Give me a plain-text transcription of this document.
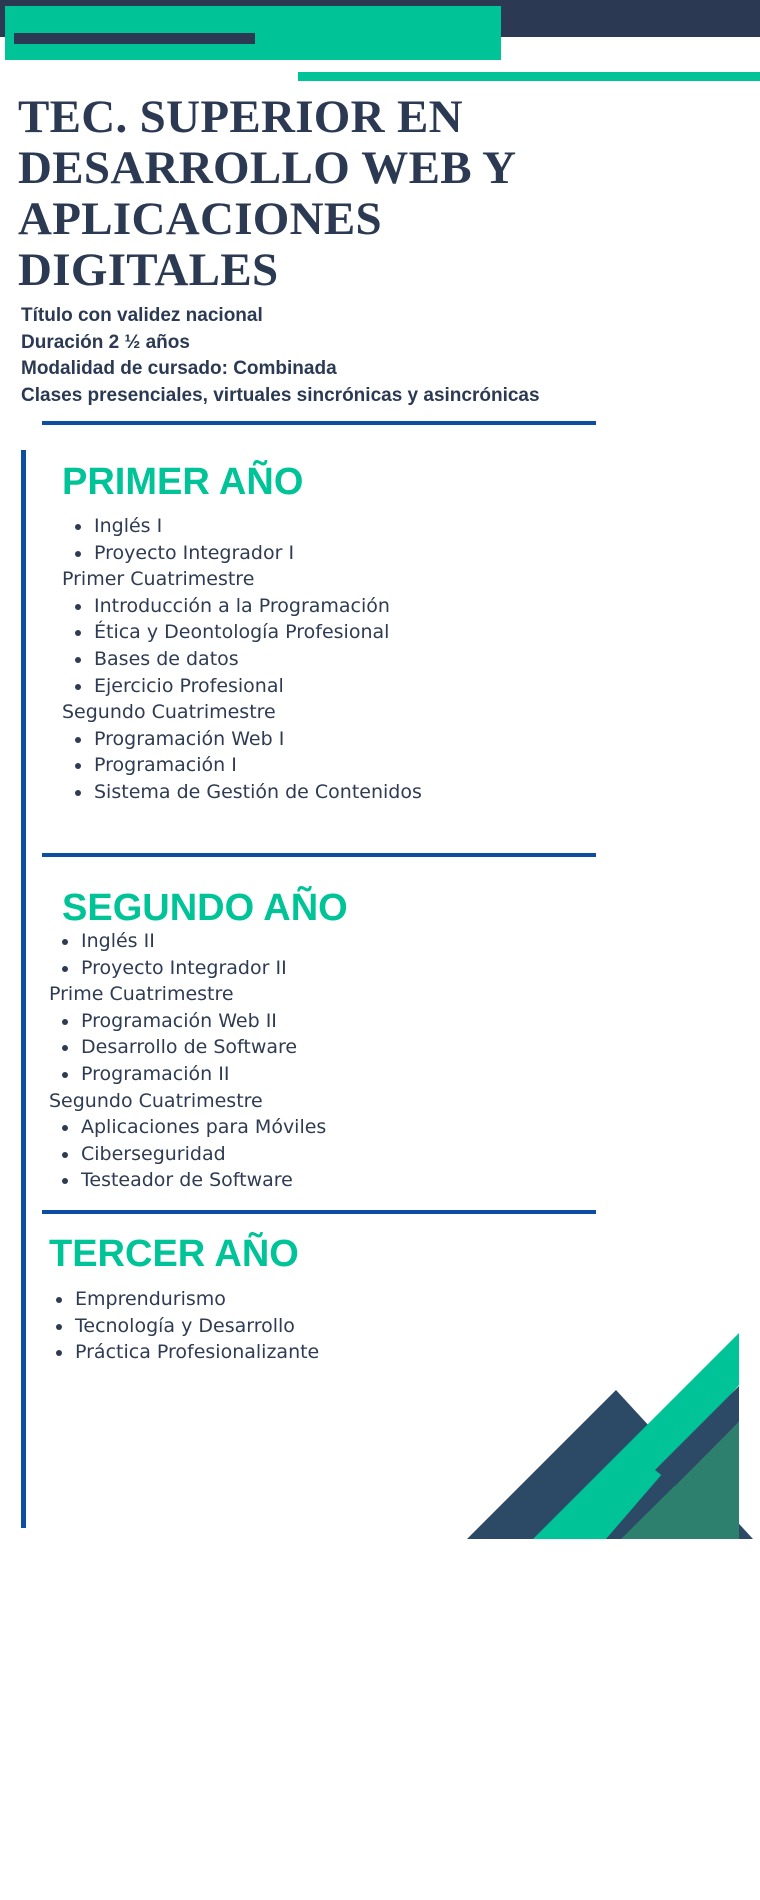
TEC. SUPERIOR EN
DESARROLLO WEB Y
APLICACIONES
DIGITALES
Título con validez nacional
Duración 2 ½ años
Modalidad de cursado: Combinada
Clases presenciales, virtuales sincrónicas y asincrónicas
PRIMER AÑO
Inglés I
Proyecto Integrador I
Primer Cuatrimestre
Introducción a la Programación
Ética y Deontología Profesional
Bases de datos
Ejercicio Profesional
Segundo Cuatrimestre
Programación Web I
Programación I
Sistema de Gestión de Contenidos
SEGUNDO AÑO
Inglés II
Proyecto Integrador II
Prime Cuatrimestre
Programación Web II
Desarrollo de Software
Programación II
Segundo Cuatrimestre
Aplicaciones para Móviles
Ciberseguridad
Testeador de Software
TERCER AÑO
Emprendurismo
Tecnología y Desarrollo
Práctica Profesionalizante
